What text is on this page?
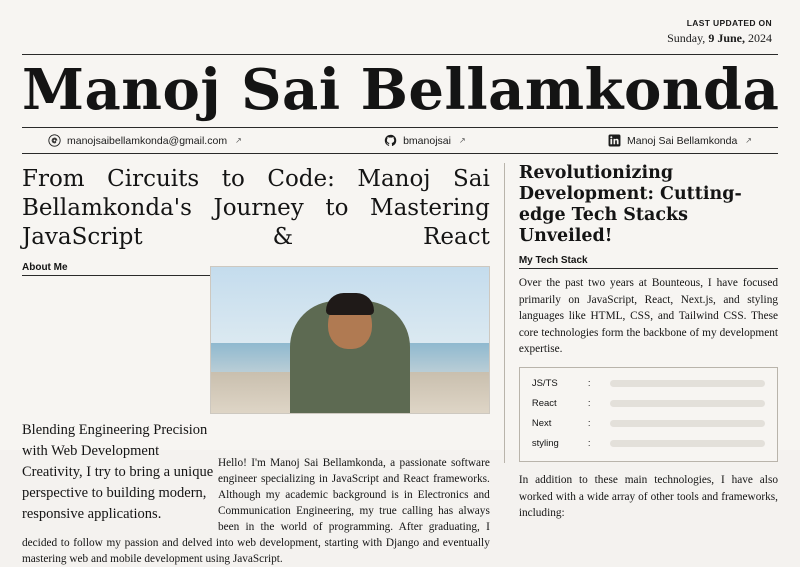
LAST UPDATED ON
Sunday, 9 June, 2024
Manoj Sai Bellamkonda
manojsaibellamkonda@gmail.com ↗	bmanojsai ↗	Manoj Sai Bellamkonda ↗
From Circuits to Code: Manoj Sai Bellamkonda's Journey to Mastering JavaScript & React
Blending Engineering Precision with Web Development Creativity, I try to bring a unique perspective to building modern, responsive applications.
About Me

Hello! I'm Manoj Sai Bellamkonda, a passionate software engineer specializing in JavaScript and React frameworks. Although my academic background is in Electronics and Communication Engineering, my true calling has always been in the world of programming. After graduating, I decided to follow my passion and delved into web development, starting with Django and eventually mastering web and mobile development using JavaScript.
Revolutionizing Development: Cutting-edge Tech Stacks Unveiled!
My Tech Stack
Over the past two years at Bounteous, I have focused primarily on JavaScript, React, Next.js, and styling languages like HTML, CSS, and Tailwind CSS. These core technologies form the backbone of my development expertise.
JS/TS	:
React	:
Next	:
styling	:
In addition to these main technologies, I have also worked with a wide array of other tools and frameworks, including:
